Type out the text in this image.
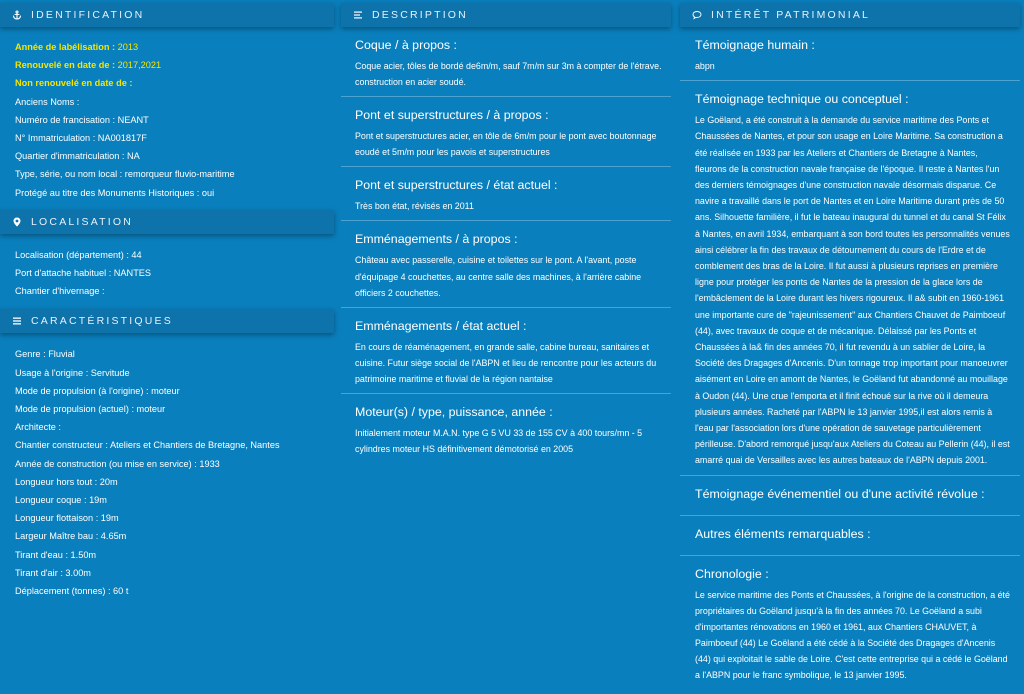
IDENTIFICATION
Année de labélisation : 2013
Renouvelé en date de : 2017,2021
Non renouvelé en date de :
Anciens Noms :
Numéro de francisation : NEANT
N° Immatriculation : NA001817F
Quartier d'immatriculation : NA
Type, série, ou nom local : remorqueur fluvio-maritime
Protégé au titre des Monuments Historiques : oui
LOCALISATION
Localisation (département) : 44
Port d'attache habituel : NANTES
Chantier d'hivernage :
CARACTÉRISTIQUES
Genre : Fluvial
Usage à l'origine : Servitude
Mode de propulsion (à l'origine) : moteur
Mode de propulsion (actuel) : moteur
Architecte :
Chantier constructeur : Ateliers et Chantiers de Bretagne, Nantes
Année de construction (ou mise en service) : 1933
Longueur hors tout : 20m
Longueur coque : 19m
Longueur flottaison : 19m
Largeur Maître bau : 4.65m
Tirant d'eau : 1.50m
Tirant d'air : 3.00m
Déplacement (tonnes) : 60 t
DESCRIPTION
Coque / à propos :
Coque acier, tôles de bordé de6m/m, sauf 7m/m sur 3m à compter de l'étrave. construction en acier soudé.
Pont et superstructures / à propos :
Pont et superstructures acier, en tôle de 6m/m pour le pont avec boutonnage eoudé et 5m/m pour les pavois et superstructures
Pont et superstructures / état actuel :
Très bon état, révisés en 2011
Emménagements / à propos :
Château avec passerelle, cuisine et toilettes sur le pont. A l'avant, poste d'équipage 4 couchettes, au centre salle des machines, à l'arrière cabine officiers 2 couchettes.
Emménagements / état actuel :
En cours de réaménagement, en grande salle, cabine bureau, sanitaires et cuisine. Futur siège social de l'ABPN et lieu de rencontre pour les acteurs du patrimoine maritime et fluvial de la région nantaise
Moteur(s) / type, puissance, année :
Initialement moteur M.A.N. type G 5 VU 33 de 155 CV à 400 tours/mn - 5 cylindres moteur HS définitivement démotorisé en 2005
INTÉRÊT PATRIMONIAL
Témoignage humain :
abpn
Témoignage technique ou conceptuel :
Le Goëland, a été construit à la demande du service maritime des Ponts et Chaussées de Nantes, et pour son usage en Loire Maritime. Sa construction a été réalisée en 1933 par les Ateliers et Chantiers de Bretagne à Nantes, fleurons de la construction navale française de l'époque. Il reste à Nantes l'un des derniers témoignages d'une construction navale désormais disparue. Ce navire a travaillé dans le port de Nantes et en Loire Maritime durant près de 50 ans. Silhouette familière, il fut le bateau inaugural du tunnel et du canal St Félix à Nantes, en avril 1934, embarquant à son bord toutes les personnalités venues ainsi célébrer la fin des travaux de détournement du cours de l'Erdre et de comblement des bras de la Loire. Il fut aussi à plusieurs reprises en première ligne pour protéger les ponts de Nantes de la pression de la glace lors de l'embâclement de la Loire durant les hivers rigoureux. Il a& subit en 1960-1961 une importante cure de "rajeunissement" aux Chantiers Chauvet de Paimboeuf (44), avec travaux de coque et de mécanique. Délaissé par les Ponts et Chaussées à la& fin des années 70, il fut revendu à un sablier de Loire, la Société des Dragages d'Ancenis. D'un tonnage trop important pour manoeuvrer aisément en Loire en amont de Nantes, le Goëland fut abandonné au mouillage à Oudon (44). Une crue l'emporta et il finit échoué sur la rive où il demeura plusieurs années. Racheté par l'ABPN le 13 janvier 1995,il est alors remis à l'eau par l'association lors d'une opération de sauvetage particulièrement périlleuse. D'abord remorqué jusqu'aux Ateliers du Coteau au Pellerin (44), il est amarré quai de Versailles avec les autres bateaux de l'ABPN depuis 2001.
Témoignage événementiel ou d'une activité révolue :
Autres éléments remarquables :
Chronologie :
Le service maritime des Ponts et Chaussées, à l'origine de la construction, a été propriétaires du Goëland jusqu'à la fin des années 70. Le Goëland a subi d'importantes rénovations en 1960 et 1961, aux Chantiers CHAUVET, à Paimboeuf (44) Le Goëland a été cédé à la Société des Dragages d'Ancenis (44) qui exploitait le sable de Loire. C'est cette entreprise qui a cédé le Goëland a l'ABPN pour le franc symbolique, le 13 janvier 1995.
